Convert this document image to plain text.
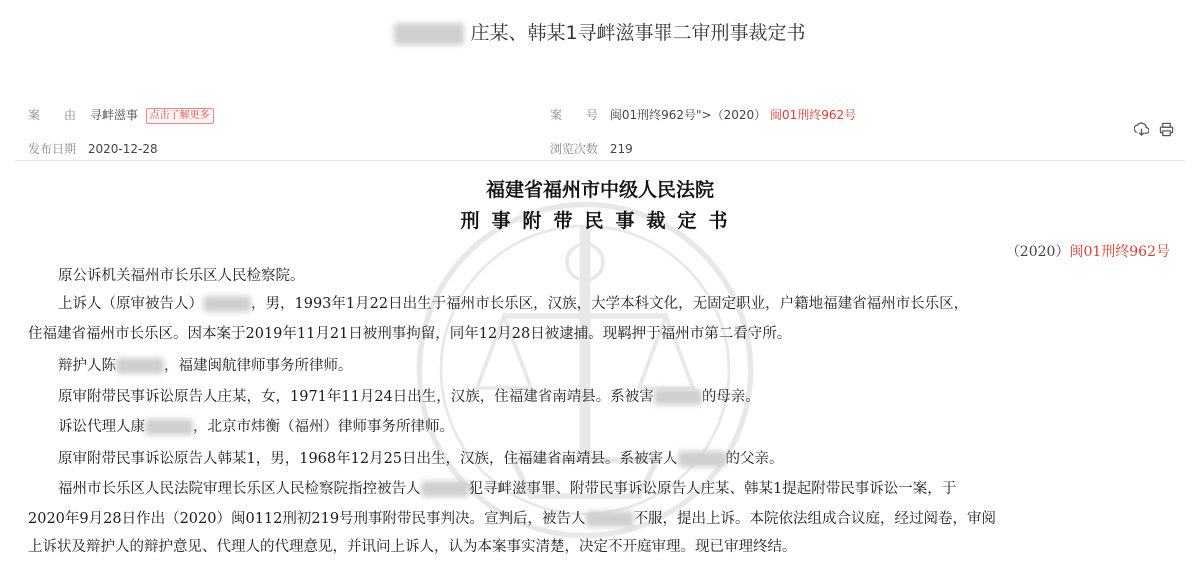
庄某、韩某1寻衅滋事罪二审刑事裁定书
案　　由 寻衅滋事 点击了解更多	案　　号 闽01刑终962号">（2020） 闽01刑终962号
发布日期 2020-12-28	浏览次数 219

福建省福州市中级人民法院
刑事附带民事裁定书
（2020）闽01刑终962号
原公诉机关福州市长乐区人民检察院。
上诉人（原审被告人）	，男，1993年1月22日出生于福州市长乐区，汉族，大学本科文化，无固定职业，户籍地福建省福州市长乐区，
住福建省福州市长乐区。因本案于2019年11月21日被刑事拘留，同年12月28日被逮捕。现羁押于福州市第二看守所。
辩护人陈	，福建闽航律师事务所律师。
原审附带民事诉讼原告人庄某，女，1971年11月24日出生，汉族，住福建省南靖县。系被害	的母亲。
诉讼代理人康	，北京市炜衡（福州）律师事务所律师。
原审附带民事诉讼原告人韩某1，男，1968年12月25日出生，汉族，住福建省南靖县。系被害人	的父亲。
福州市长乐区人民法院审理长乐区人民检察院指控被告人	犯寻衅滋事罪、附带民事诉讼原告人庄某、韩某1提起附带民事诉讼一案，于
2020年9月28日作出（2020）闽0112刑初219号刑事附带民事判决。宣判后，被告人	不服，提出上诉。本院依法组成合议庭，经过阅卷，审阅
上诉状及辩护人的辩护意见、代理人的代理意见，并讯问上诉人，认为本案事实清楚，决定不开庭审理。现已审理终结。
